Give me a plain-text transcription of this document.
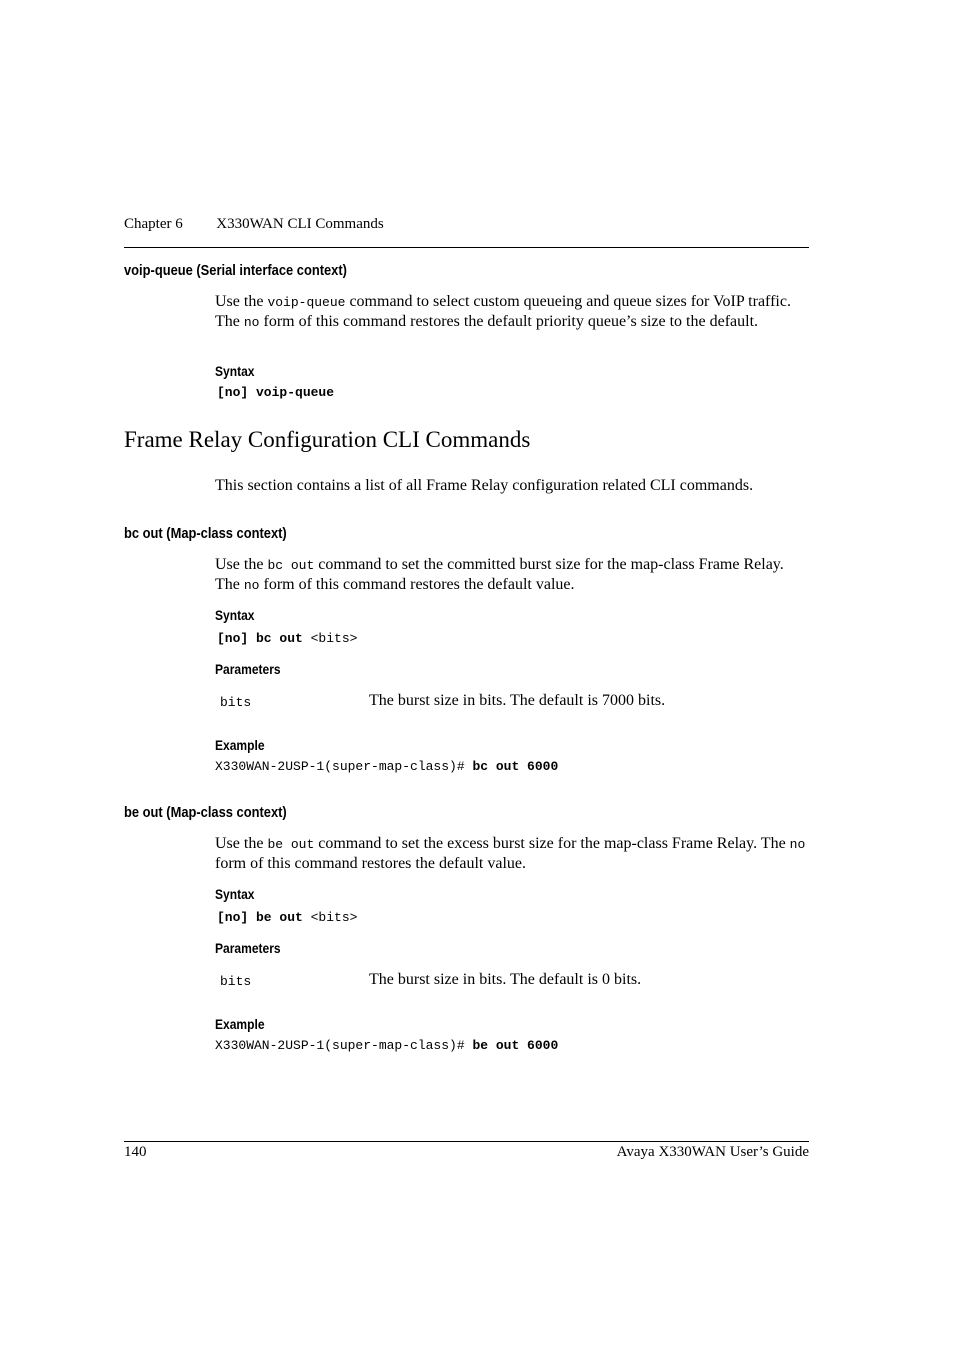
Chapter 6 X330WAN CLI Commands
voip-queue (Serial interface context)

Use the voip-queue command to select custom queueing and queue sizes for VoIP traffic. The no form of this command restores the default priority queue’s size to the default.

Syntax
[no] voip-queue
Frame Relay Configuration CLI Commands

This section contains a list of all Frame Relay configuration related CLI commands.

bc out (Map-class context)

Use the bc out command to set the committed burst size for the map-class Frame Relay. The no form of this command restores the default value.

Syntax
[no] bc out <bits>
Parameters
bits	The burst size in bits. The default is 7000 bits.
Example
X330WAN-2USP-1(super-map-class)# bc out 6000
be out (Map-class context)

Use the be out command to set the excess burst size for the map-class Frame Relay. The no form of this command restores the default value.

Syntax
[no] be out <bits>
Parameters
bits	The burst size in bits. The default is 0 bits.
Example
X330WAN-2USP-1(super-map-class)# be out 6000
140	Avaya X330WAN User’s Guide
